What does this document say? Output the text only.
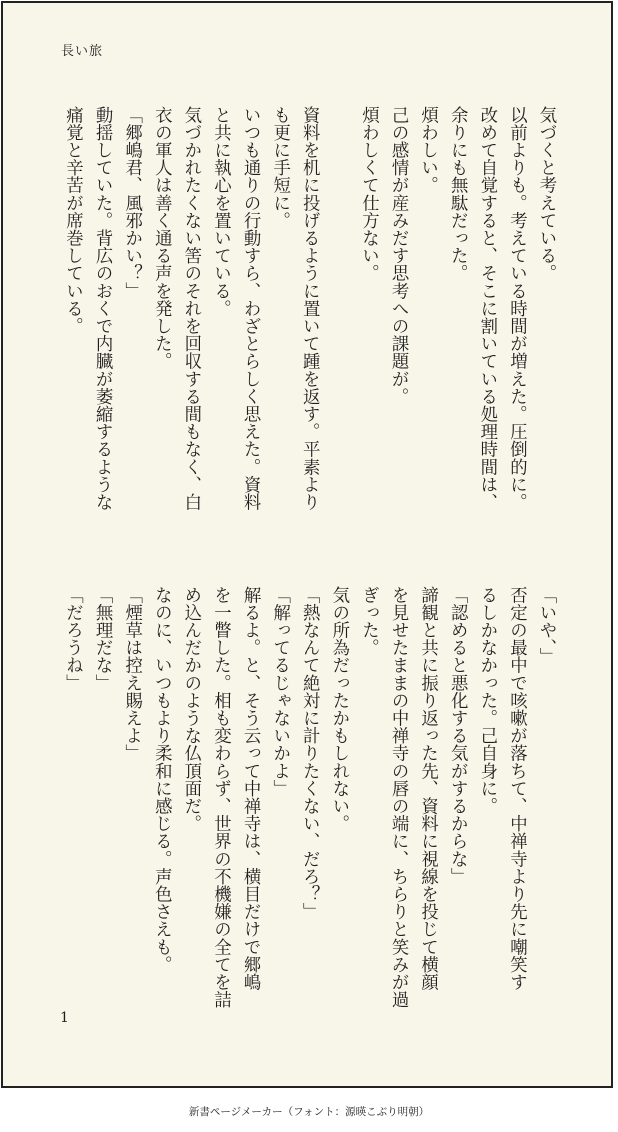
長い旅
気づくと考えている。
以前よりも。考えている時間が増えた。圧倒的に。
改めて自覚すると、そこに割いている処理時間は、
余りにも無駄だった。
煩わしい。
己の感情が産みだす思考への課題が。
煩わしくて仕方ない。

資料を机に投げるように置いて踵を返す。平素より
も更に手短に。
いつも通りの行動すら、わざとらしく思えた。資料
と共に執心を置いている。
気づかれたくない筈のそれを回収する間もなく、白
衣の軍人は善く通る声を発した。
「郷嶋君、風邪かい？」
動揺していた。背広のおくで内臓が萎縮するような
痛覚と辛苦が席巻している。
「いや、」
否定の最中で咳嗽が落ちて、中禅寺より先に嘲笑す
るしかなかった。己自身に。
「認めると悪化する気がするからな」
諦観と共に振り返った先、資料に視線を投じて横顔
を見せたままの中禅寺の唇の端に、ちらりと笑みが過
ぎった。
気の所為だったかもしれない。
「熱なんて絶対に計りたくない、だろ？」
「解ってるじゃないかよ」
解るよ。と、そう云って中禅寺は、横目だけで郷嶋
を一瞥した。相も変わらず、世界の不機嫌の全てを詰
め込んだかのような仏頂面だ。
なのに、いつもより柔和に感じる。声色さえも。
「煙草は控え賜えよ」
「無理だな」
「だろうね」
1
新書ページメーカー（フォント：源暎こぶり明朝）
